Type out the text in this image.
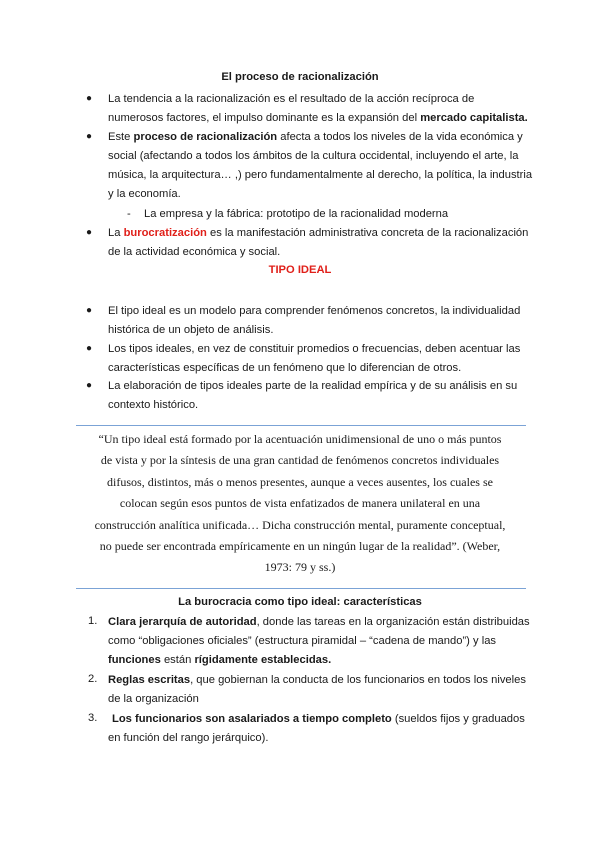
El proceso de racionalización
● La tendencia a la racionalización es el resultado de la acción recíproca de
numerosos factores, el impulso dominante es la expansión del mercado capitalista.
● Este proceso de racionalización afecta a todos los niveles de la vida económica y
social (afectando a todos los ámbitos de la cultura occidental, incluyendo el arte, la
música, la arquitectura… ,) pero fundamentalmente al derecho, la política, la industria
y la economía.
- La empresa y la fábrica: prototipo de la racionalidad moderna
● La burocratización es la manifestación administrativa concreta de la racionalización
de la actividad económica y social.
TIPO IDEAL
● El tipo ideal es un modelo para comprender fenómenos concretos, la individualidad
histórica de un objeto de análisis.
● Los tipos ideales, en vez de constituir promedios o frecuencias, deben acentuar las
características específicas de un fenómeno que lo diferencian de otros.
● La elaboración de tipos ideales parte de la realidad empírica y de su análisis en su
contexto histórico.
“Un tipo ideal está formado por la acentuación unidimensional de uno o más puntos
de vista y por la síntesis de una gran cantidad de fenómenos concretos individuales
difusos, distintos, más o menos presentes, aunque a veces ausentes, los cuales se
colocan según esos puntos de vista enfatizados de manera unilateral en una
construcción analítica unificada… Dicha construcción mental, puramente conceptual,
no puede ser encontrada empíricamente en un ningún lugar de la realidad”. (Weber,
1973: 79 y ss.)
La burocracia como tipo ideal: características
1. Clara jerarquía de autoridad, donde las tareas en la organización están distribuidas
como “obligaciones oficiales” (estructura piramidal – “cadena de mando”) y las
funciones están rígidamente establecidas.
2. Reglas escritas, que gobiernan la conducta de los funcionarios en todos los niveles
de la organización
3. Los funcionarios son asalariados a tiempo completo (sueldos fijos y graduados
en función del rango jerárquico).
